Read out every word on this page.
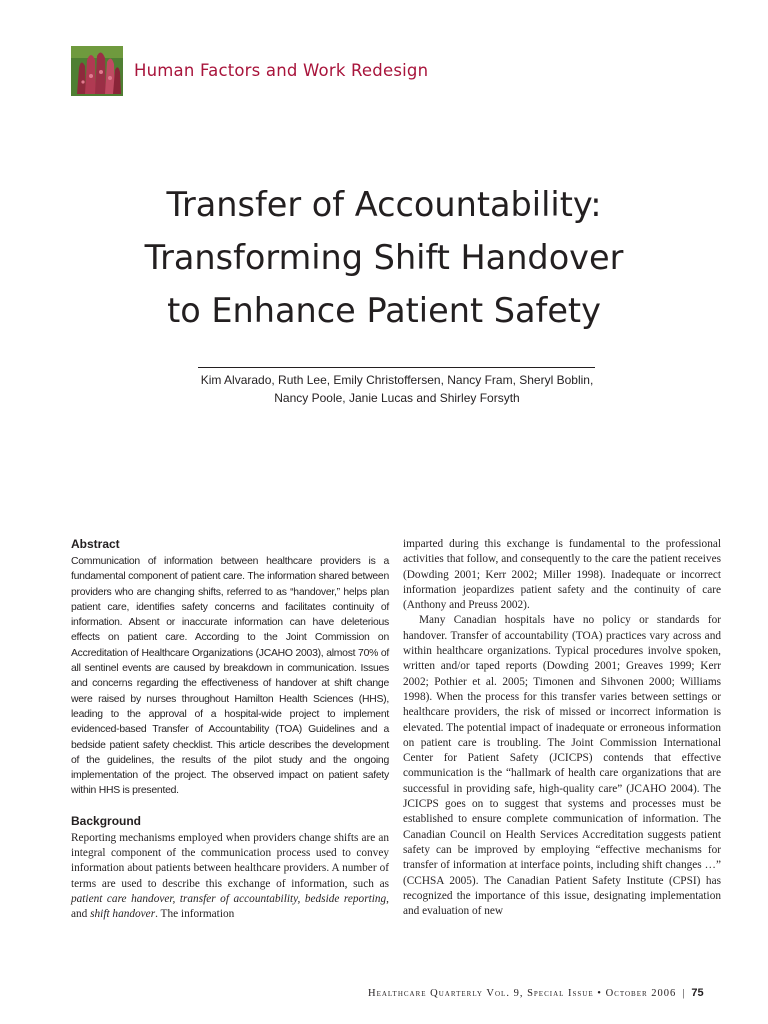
Human Factors and Work Redesign
Transfer of Accountability:
Transforming Shift Handover
to Enhance Patient Safety
Kim Alvarado, Ruth Lee, Emily Christoffersen, Nancy Fram, Sheryl Boblin,
Nancy Poole, Janie Lucas and Shirley Forsyth
Abstract

Communication of information between healthcare providers is a fundamental component of patient care. The information shared between providers who are changing shifts, referred to as “handover,” helps plan patient care, identifies safety concerns and facilitates continuity of information. Absent or inaccurate information can have deleterious effects on patient care. According to the Joint Commission on Accreditation of Healthcare Organizations (JCAHO 2003), almost 70% of all sentinel events are caused by breakdown in communication. Issues and concerns regarding the effectiveness of handover at shift change were raised by nurses throughout Hamilton Health Sciences (HHS), leading to the approval of a hospital-wide project to implement evidenced-based Transfer of Accountability (TOA) Guidelines and a bedside patient safety checklist. This article describes the development of the guidelines, the results of the pilot study and the ongoing implementation of the project. The observed impact on patient safety within HHS is presented.

Background

Reporting mechanisms employed when providers change shifts are an integral component of the communication process used to convey information about patients between healthcare providers. A number of terms are used to describe this exchange of information, such as patient care handover, transfer of accountability, bedside reporting, and shift handover. The information

imparted during this exchange is fundamental to the professional activities that follow, and consequently to the care the patient receives (Dowding 2001; Kerr 2002; Miller 1998). Inadequate or incorrect information jeopardizes patient safety and the continuity of care (Anthony and Preuss 2002).

Many Canadian hospitals have no policy or standards for handover. Transfer of accountability (TOA) practices vary across and within healthcare organizations. Typical procedures involve spoken, written and/or taped reports (Dowding 2001; Greaves 1999; Kerr 2002; Pothier et al. 2005; Timonen and Sihvonen 2000; Williams 1998). When the process for this transfer varies between settings or healthcare providers, the risk of missed or incorrect information is elevated. The potential impact of inadequate or erroneous information on patient care is troubling. The Joint Commission International Center for Patient Safety (JCICPS) contends that effective communication is the “hallmark of health care organizations that are successful in providing safe, high-quality care” (JCAHO 2004). The JCICPS goes on to suggest that systems and processes must be established to ensure complete communication of information. The Canadian Council on Health Services Accreditation suggests patient safety can be improved by employing “effective mechanisms for transfer of information at interface points, including shift changes …” (CCHSA 2005). The Canadian Patient Safety Institute (CPSI) has recognized the importance of this issue, designating implementation and evaluation of new

Healthcare Quarterly Vol. 9, Special Issue • October 2006 | 75
